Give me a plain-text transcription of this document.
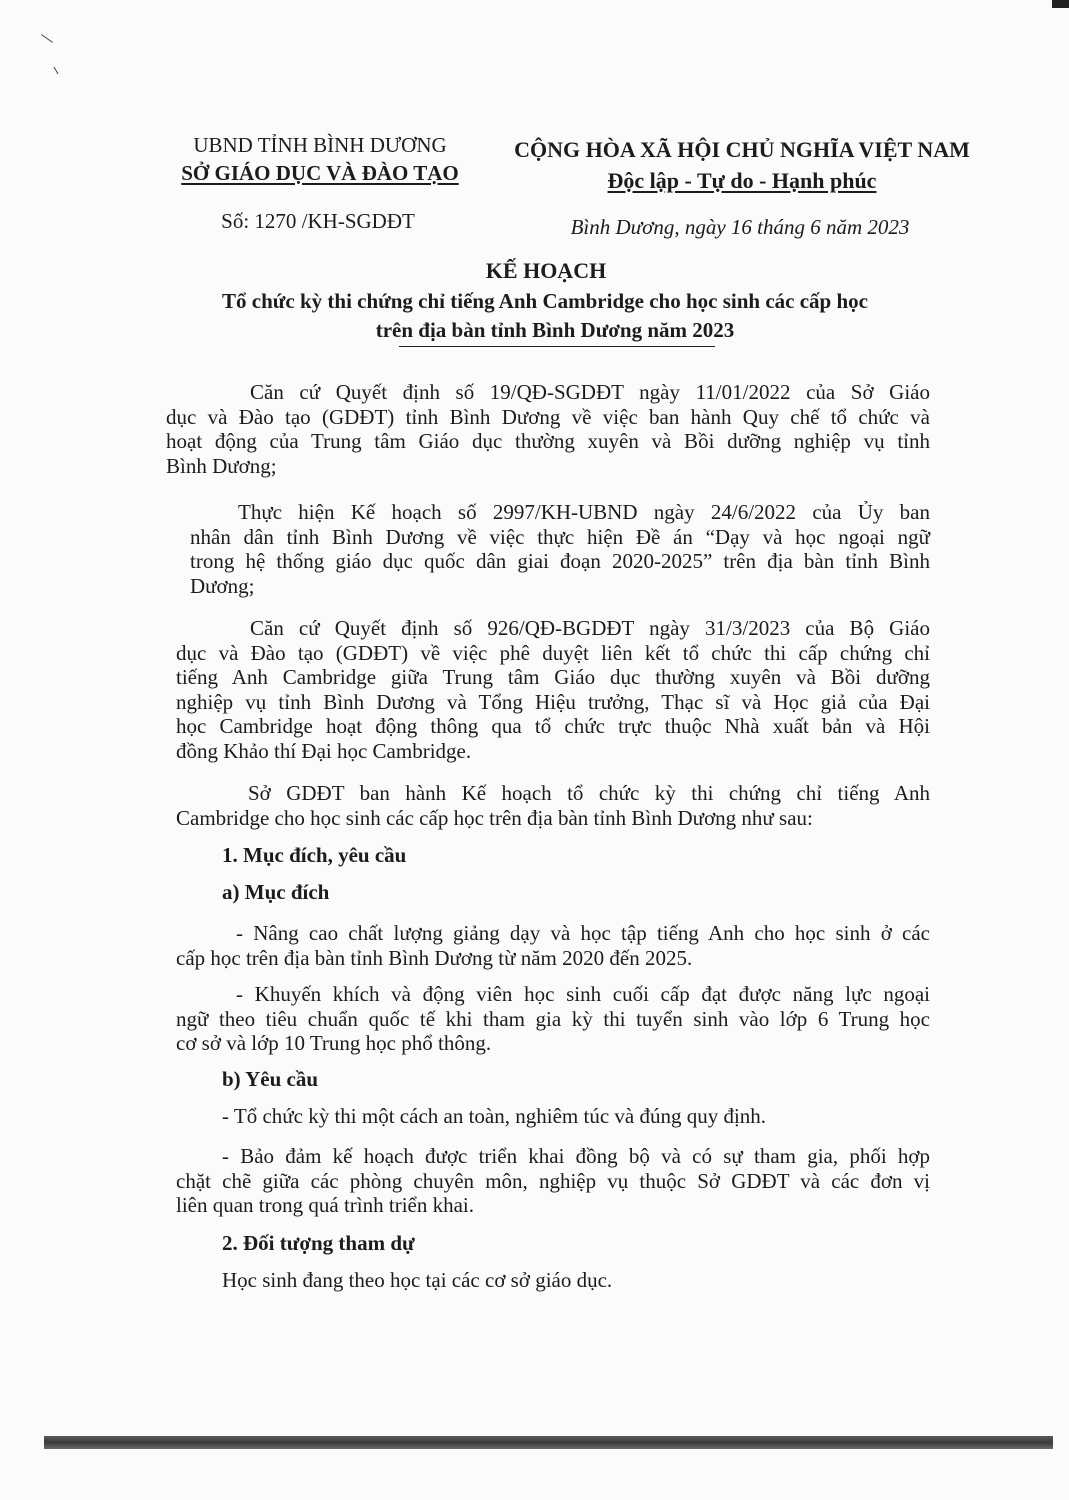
UBND TỈNH BÌNH DƯƠNG
SỞ GIÁO DỤC VÀ ĐÀO TẠO
Số: 1270 /KH-SGDĐT
CỘNG HÒA XÃ HỘI CHỦ NGHĨA VIỆT NAM
Độc lập - Tự do - Hạnh phúc
Bình Dương, ngày 16 tháng 6 năm 2023
KẾ HOẠCH
Tổ chức kỳ thi chứng chỉ tiếng Anh Cambridge cho học sinh các cấp học
trên địa bàn tỉnh Bình Dương năm 2023
Căn cứ Quyết định số 19/QĐ-SGDĐT ngày 11/01/2022 của Sở Giáo
dục và Đào tạo (GDĐT) tỉnh Bình Dương về việc ban hành Quy chế tổ chức và
hoạt động của Trung tâm Giáo dục thường xuyên và Bồi dưỡng nghiệp vụ tỉnh
Bình Dương;
Thực hiện Kế hoạch số 2997/KH-UBND ngày 24/6/2022 của Ủy ban
nhân dân tỉnh Bình Dương về việc thực hiện Đề án “Dạy và học ngoại ngữ
trong hệ thống giáo dục quốc dân giai đoạn 2020-2025” trên địa bàn tỉnh Bình
Dương;
Căn cứ Quyết định số 926/QĐ-BGDĐT ngày 31/3/2023 của Bộ Giáo
dục và Đào tạo (GDĐT) về việc phê duyệt liên kết tổ chức thi cấp chứng chỉ
tiếng Anh Cambridge giữa Trung tâm Giáo dục thường xuyên và Bồi dưỡng
nghiệp vụ tỉnh Bình Dương và Tổng Hiệu trưởng, Thạc sĩ và Học giả của Đại
học Cambridge hoạt động thông qua tổ chức trực thuộc Nhà xuất bản và Hội
đồng Khảo thí Đại học Cambridge.
Sở GDĐT ban hành Kế hoạch tổ chức kỳ thi chứng chỉ tiếng Anh
Cambridge cho học sinh các cấp học trên địa bàn tỉnh Bình Dương như sau:
1. Mục đích, yêu cầu
a) Mục đích
- Nâng cao chất lượng giảng dạy và học tập tiếng Anh cho học sinh ở các
cấp học trên địa bàn tỉnh Bình Dương từ năm 2020 đến 2025.
- Khuyến khích và động viên học sinh cuối cấp đạt được năng lực ngoại
ngữ theo tiêu chuẩn quốc tế khi tham gia kỳ thi tuyển sinh vào lớp 6 Trung học
cơ sở và lớp 10 Trung học phổ thông.
b) Yêu cầu
- Tổ chức kỳ thi một cách an toàn, nghiêm túc và đúng quy định.
- Bảo đảm kế hoạch được triển khai đồng bộ và có sự tham gia, phối hợp
chặt chẽ giữa các phòng chuyên môn, nghiệp vụ thuộc Sở GDĐT và các đơn vị
liên quan trong quá trình triển khai.
2. Đối tượng tham dự
Học sinh đang theo học tại các cơ sở giáo dục.
